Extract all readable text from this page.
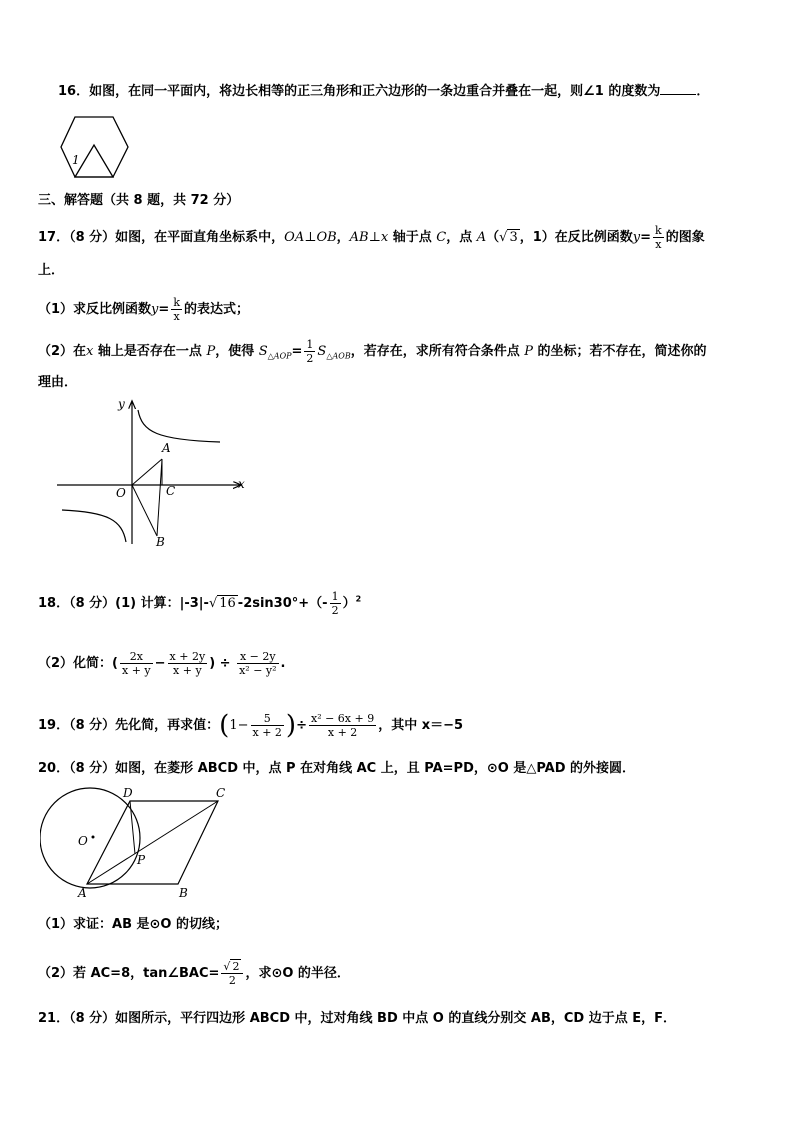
16．如图，在同一平面内，将边长相等的正三角形和正六边形的一条边重合并叠在一起，则∠1 的度数为	．
1
三、解答题（共 8 题，共 72 分）
17．（8 分）如图，在平面直角坐标系中，OA⊥OB，AB⊥x 轴于点 C，点 A（√ 3 ，1）在反比例函数$y= \frac{k}{x}$ 的图象
上．
（1）求反比例函数$y= \frac{k}{x}$ 的表达式；
（2）在x 轴上是否存在一点 P，使得 $S_{\triangle AOP}= \frac{1}{2} S_{\triangle AOB}$，若存在，求所有符合条件点 P 的坐标；若不存在，简述你的
理由．
y
x
O
A
C
B
18．（8 分）(1) 计算：|-3|-√ 16 $-2\sin 30^\circ+(- \frac{1}{2} )^2$
（2）化简：( $\frac{2x}{x + y} - \frac{x + 2y}{x + y}$ ) ÷ $\frac{x - 2y}{\text{x² − y²}}$ .
19．（8 分）先化简，再求值：($1- \frac{5}{x + 2}$ )÷ $\frac{\text{x² − 6x + 9}}{x + 2}$ ，其中 x＝−5
20．（8 分）如图，在菱形 ABCD 中，点 P 在对角线 AC 上，且 PA=PD，⊙O 是△PAD 的外接圆．
D	C
O
P
A	B
（1）求证：AB 是⊙O 的切线；
（2）若 AC=8，tan∠BAC= $\frac{√ 2}{2}$ ，求⊙O 的半径．
21．（8 分）如图所示，平行四边形 ABCD 中，过对角线 BD 中点 O 的直线分别交 AB，CD 边于点 E，F．
